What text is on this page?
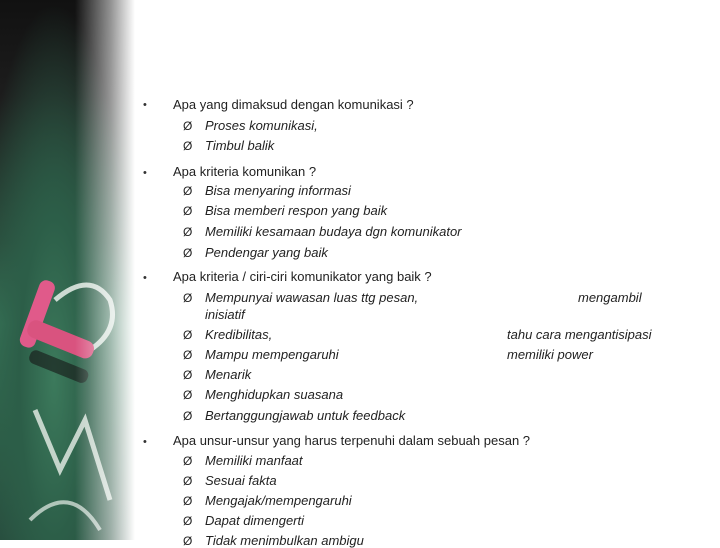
• Apa yang dimaksud dengan komunikasi ?
Ø Proses komunikasi,
Ø Timbul balik
• Apa kriteria komunikan ?
Ø Bisa menyaring informasi
Ø Bisa memberi respon yang baik
Ø Memiliki kesamaan budaya dgn komunikator
Ø Pendengar yang baik
• Apa kriteria / ciri-ciri komunikator yang baik ?
Ø Mempunyai wawasan luas ttg pesan,	mengambil
inisiatif
Ø Kredibilitas,	tahu cara mengantisipasi
Ø Mampu mempengaruhi	memiliki power
Ø Menarik
Ø Menghidupkan suasana
Ø Bertanggungjawab untuk feedback
• Apa unsur-unsur yang harus terpenuhi dalam sebuah pesan ?
Ø Memiliki manfaat
Ø Sesuai fakta
Ø Mengajak/mempengaruhi
Ø Dapat dimengerti
Ø Tidak menimbulkan ambigu
